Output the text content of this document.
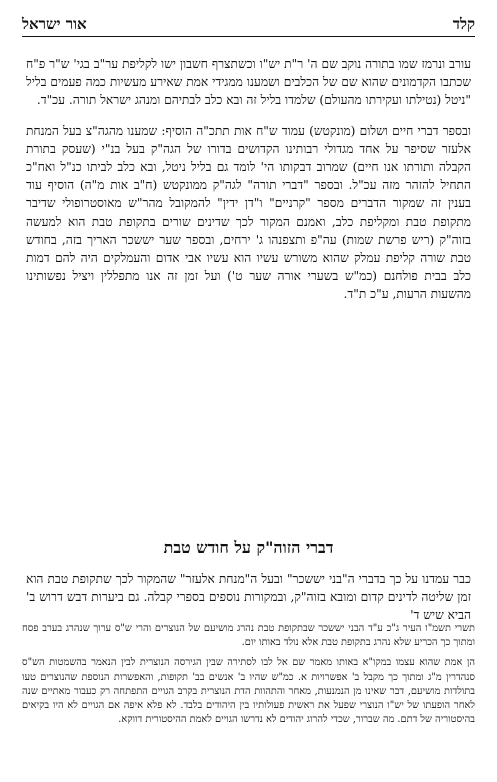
קלד
אור ישראל

עורב ונרמז שמו בתורה נוקב שם ה' ר"ת יש"ו וכשתצרף חשבון ישו לקליפת ער"ב בגי' ש"ר פ"ח שכתבו הקדמונים שהוא שם של הכלבים ושמענו ממגידי אמת שאירע מעשיות כמה פעמים בליל "ניטל (נטילתו ועקירתו מהעולם) שלמדו בליל זה ובא כלב לבתיהם ומנהג ישראל תורה. עכ"ד.

ובספר דברי חיים ושלום (מונקטש) עמוד ש"ח אות תתכ"ה הוסיף: שמענו מהגה"צ בעל המנחת אלעזר שסיפר על אחד מגדולי רבותינו הקדושים בדורו של הגה"ק בעל בנ"י (שעסק בתורת הקבלה ותורתו אנו חיים) שמרוב דבקותו הי' לומד גם בליל ניטל, ובא כלב לביתו כנ"ל ואח"כ התחיל להזהר מזה עכ"ל. ובספר "דברי תורה" לגה"ק ממונקטש (ח"ב אות מ"ה) הוסיף עוד בענין זה שמקור הדברים מספר "קרניים" ו"דן ידין" להמקובל מהר"ש מאוסטרופולי שדיבר מתקופת טבת ומקליפת כלב, ואמנם המקור לכך שדינים שורים בתקופת טבת הוא למעשה בזוה"ק (ריש פרשת שמות) עה"פ ותצפנהו ג' ירחים, ובספר שער יששכר האריך בזה, בחודש טבת שורה קליפת עמלק שהוא משורש עשיו הוא עשיו אבי אדום והעמלקים היה להם דמות כלב בבית פולחנם (כמ"ש בשערי אורה שער ט') ועל זמן זה אנו מתפללין ויציל נפשותינו מהשעות הרעות, ע"כ ת"ד.

דברי הזוה"ק על חודש טבת

כבר עמדנו על כך בדברי ה"בני יששכר" ובעל ה"מנחת אלעזר" שהמקור לכך שתקופת טבת הוא זמן שליטה לדינים קדום ומובא בזוה"ק, ובמקורות נוספים בספרי קבלה. גם ביערות דבש דרוש ב' הביא שיש ד'

תשרי תשמ"ו העיר ג"כ ע"ד הבני יששכר שבתקופת טבת נהרג מושיעם של הנוצרים והרי ש"ס ערוך שנהרג בערב פסח ומתוך כך הכריע שלא נהרג בתקופת טבת אלא נולד באותו יום.

הן אמת שהוא עצמו במקו"א באותו מאמר שם אל לבו לסתירה שבין הגירסה הנוצרית לבין הנאמר בהשמטות הש"ס סנהדרין מ"ג ומתוך כך מקבל ב' אפשרויות א. כמ"ש שהיו ב' אנשים בב' תקופות, והאפשרות הנוספת שהנוצרים טעו בתולדות מושיעם, דבר שאינו מן הנמנעות, מאחר והתהוות הדת הנוצרית בקרב הגויים התפתחה רק כעבור מאתיים שנה לאחר הופעתו של יש"ו הנוצרי שפעל את ראשית פעולותיו בין היהודים בלבד. לא פלא איפה אם הגויים לא היו בקיאים בהיסטוריה של דתם. מה שברור, שכדי להרוג יהודים לא נדרשו הגויים לאמת ההיסטורית דווקא.
